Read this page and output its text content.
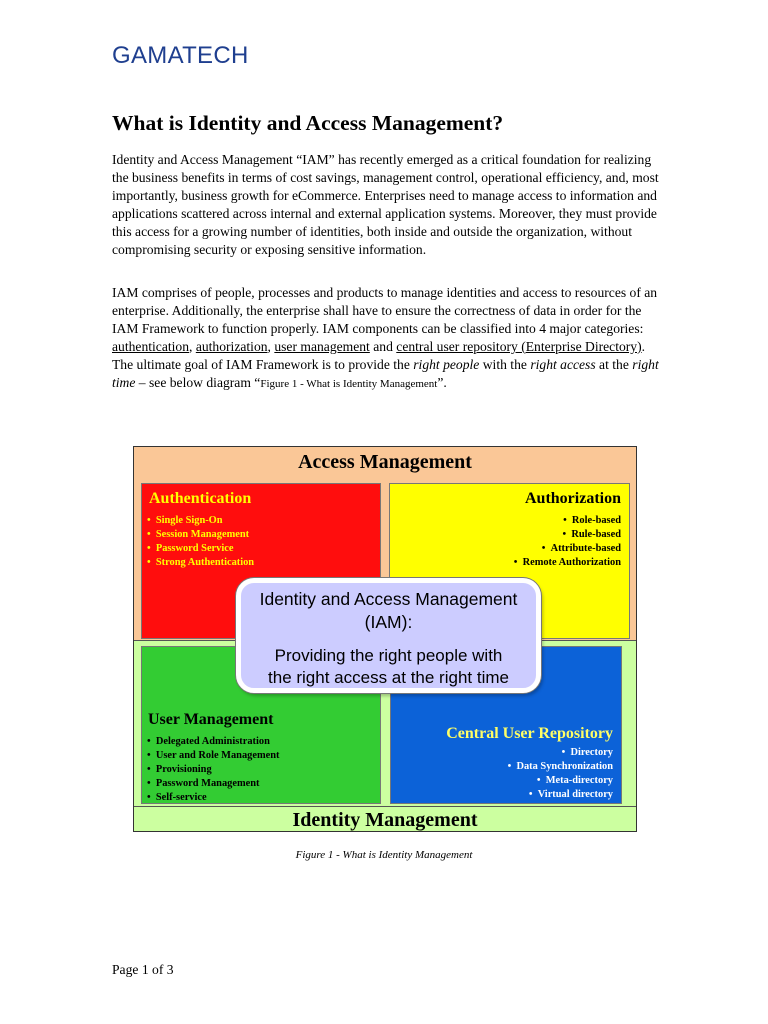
GAMATECH
What is Identity and Access Management?

Identity and Access Management “IAM” has recently emerged as a critical foundation for realizing the business benefits in terms of cost savings, management control, operational efficiency, and, most importantly, business growth for eCommerce. Enterprises need to manage access to information and applications scattered across internal and external application systems. Moreover, they must provide this access for a growing number of identities, both inside and outside the organization, without compromising security or exposing sensitive information.

IAM comprises of people, processes and products to manage identities and access to resources of an enterprise. Additionally, the enterprise shall have to ensure the correctness of data in order for the IAM Framework to function properly. IAM components can be classified into 4 major categories: authentication, authorization, user management and central user repository (Enterprise Directory). The ultimate goal of IAM Framework is to provide the right people with the right access at the right time – see below diagram “Figure 1 - What is Identity Management”.

Access Management
Identity Management
Authentication
•  Single Sign-On
•  Session Management
•  Password Service
•  Strong Authentication
Authorization
•  Role-based
•  Rule-based
•  Attribute-based
•  Remote Authorization
User Management
•  Delegated Administration
•  User and Role Management
•  Provisioning
•  Password Management
•  Self-service
Central User Repository
•  Directory
•  Data Synchronization
•  Meta-directory
•  Virtual directory
Identity and Access Management (IAM):
Providing the right people with
the right access at the right time
Figure 1 - What is Identity Management
Page 1 of 3
